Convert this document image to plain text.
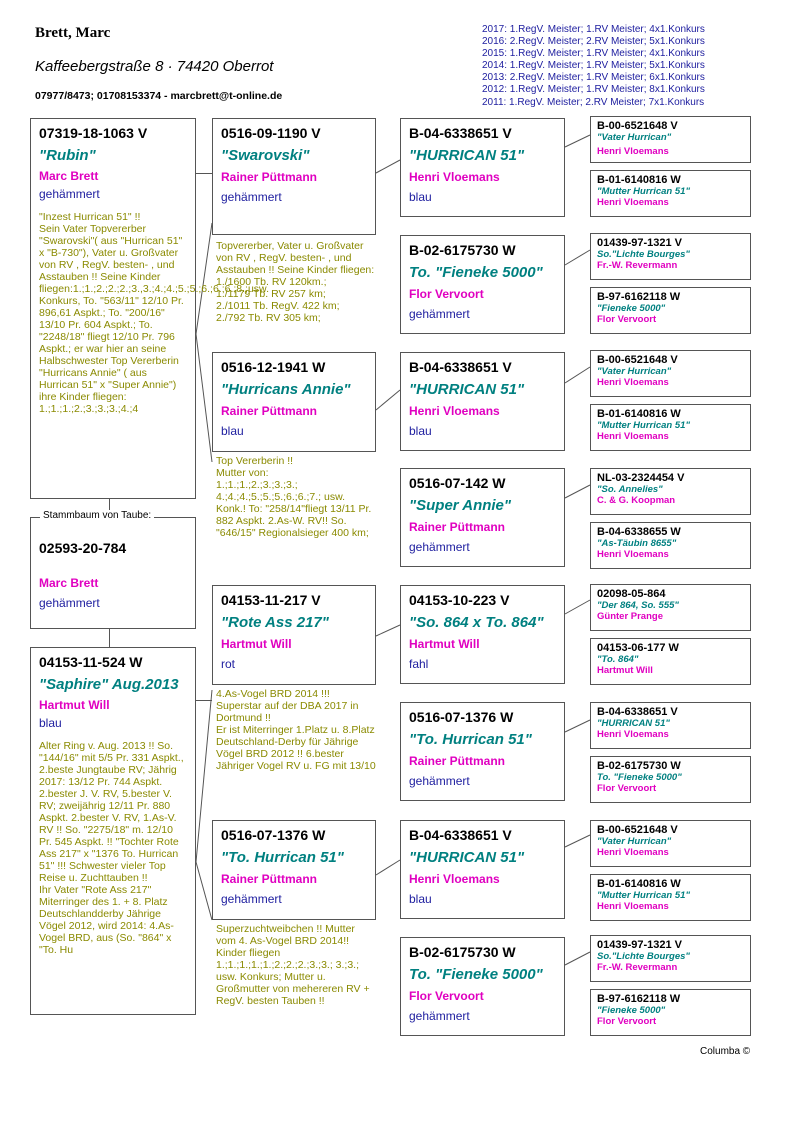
Brett, Marc
Kaffeebergstraße 8 · 74420 Oberrot
07977/8473; 01708153374 - marcbrett@t-online.de
2017: 1.RegV. Meister; 1.RV Meister; 4x1.Konkurs
2016: 2.RegV. Meister; 2.RV Meister; 5x1.Konkurs
2015: 1.RegV. Meister; 1.RV Meister; 4x1.Konkurs
2014: 1.RegV. Meister; 1.RV Meister; 5x1.Konkurs
2013: 2.RegV. Meister; 1.RV Meister; 6x1.Konkurs
2012: 1.RegV. Meister; 1.RV Meister; 8x1.Konkurs
2011: 1.RegV. Meister; 2.RV Meister; 7x1.Konkurs
07319-18-1063 V
"Rubin"
Marc Brett
gehämmert
"Inzest Hurrican 51" !!
Sein Vater Topvererber "Swarovski"( aus "Hurrican 51" x "B-730"), Vater u. Großvater von RV , RegV. besten- , und Asstauben !! Seine Kinder fliegen:1.;1.;2.;2.;2.;3.,3.;4.;4.;5.;5.;6.;6.;6.;8.;usw. Konkurs, To. "563/11" 12/10 Pr. 896,61 Aspkt.; To. "200/16" 13/10 Pr. 604 Aspkt.; To. "2248/18" fliegt 12/10 Pr. 796 Aspkt.; er war hier an seine Halbschwester Top Vererberin "Hurricans Annie" ( aus Hurrican 51" x "Super Annie") ihre Kinder fliegen:
1.;1.;1.;2.;3.;3.;3.;4.;4
02593-20-784
Marc Brett
gehämmert
Stammbaum von Taube:
04153-11-524 W
"Saphire" Aug.2013
Hartmut Will
blau
Alter Ring v. Aug. 2013 !! So. "144/16" mit 5/5 Pr. 331 Aspkt., 2.beste Jungtaube RV; Jährig 2017: 13/12 Pr. 744 Aspkt. 2.bester J. V. RV, 5.bester V. RV; zweijährig 12/11 Pr. 880 Aspkt. 2.bester V. RV, 1.As-V. RV !! So. "2275/18" m. 12/10 Pr. 545 Aspkt. !! "Tochter Rote Ass 217" x "1376 To. Hurrican 51" !!! Schwester vieler Top Reise u. Zuchttauben !!
Ihr Vater "Rote Ass 217" Miterringer des 1. + 8. Platz Deutschlandderby Jährige Vögel 2012, wird 2014: 4.As-Vogel BRD, aus (So. "864" x "To. Hu
0516-09-1190 V
"Swarovski"
Rainer Püttmann
gehämmert
Topvererber, Vater u. Großvater von RV , RegV. besten- , und Asstauben !! Seine Kinder fliegen:
1./1600 Tb. RV 120km.;
1./1179 Tb. RV 257 km;
2./1011 Tb. RegV. 422 km;
2./792 Tb. RV 305 km;
0516-12-1941 W
"Hurricans Annie"
Rainer Püttmann
blau
Top Vererberin !!
Mutter von:
1.;1.;1.;2.;3.;3.;3.;
4.;4.;4.;5.;5.;5.;6.;6.;7.; usw. Konk.! To: "258/14"fliegt 13/11 Pr. 882 Aspkt. 2.As-W. RV!! So. "646/15" Regionalsieger 400 km;
04153-11-217 V
"Rote Ass 217"
Hartmut Will
rot
4.As-Vogel BRD 2014 !!! Superstar auf der DBA 2017 in Dortmund !!
Er ist Miterringer 1.Platz u. 8.Platz Deutschland-Derby für Jährige Vögel BRD 2012 !! 6.bester Jähriger Vogel RV u. FG mit 13/10
0516-07-1376 W
"To. Hurrican 51"
Rainer Püttmann
gehämmert
Superzuchtweibchen !! Mutter vom 4. As-Vogel BRD 2014!! Kinder fliegen 1.;1.;1.;1.;1.;2.;2.;2.;3.;3.; 3.;3.; usw. Konkurs; Mutter u. Großmutter von mehereren RV + RegV. besten Tauben !!
B-04-6338651 V
"HURRICAN 51"
Henri Vloemans
blau
B-02-6175730 W
To. "Fieneke 5000"
Flor Vervoort
gehämmert
B-04-6338651 V
"HURRICAN 51"
Henri Vloemans
blau
0516-07-142 W
"Super Annie"
Rainer Püttmann
gehämmert
04153-10-223 V
"So. 864 x To. 864"
Hartmut Will
fahl
0516-07-1376 W
"To. Hurrican 51"
Rainer Püttmann
gehämmert
B-04-6338651 V
"HURRICAN 51"
Henri Vloemans
blau
B-02-6175730 W
To. "Fieneke 5000"
Flor Vervoort
gehämmert
B-00-6521648 V
"Vater Hurrican"
Henri Vloemans
B-01-6140816 W
"Mutter Hurrican 51"
Henri Vloemans
01439-97-1321 V
So."Lichte Bourges"
Fr.-W. Revermann
B-97-6162118 W
"Fieneke 5000"
Flor Vervoort
B-00-6521648 V
"Vater Hurrican"
Henri Vloemans
B-01-6140816 W
"Mutter Hurrican 51"
Henri Vloemans
NL-03-2324454 V
"So. Annelies"
C. & G. Koopman
B-04-6338655 W
"As-Täubin 8655"
Henri Vloemans
02098-05-864
"Der 864, So. 555"
Günter Prange
04153-06-177 W
"To. 864"
Hartmut Will
B-04-6338651 V
"HURRICAN 51"
Henri Vloemans
B-02-6175730 W
To. "Fieneke 5000"
Flor Vervoort
B-00-6521648 V
"Vater Hurrican"
Henri Vloemans
B-01-6140816 W
"Mutter Hurrican 51"
Henri Vloemans
01439-97-1321 V
So."Lichte Bourges"
Fr.-W. Revermann
B-97-6162118 W
"Fieneke 5000"
Flor Vervoort
Columba ©
